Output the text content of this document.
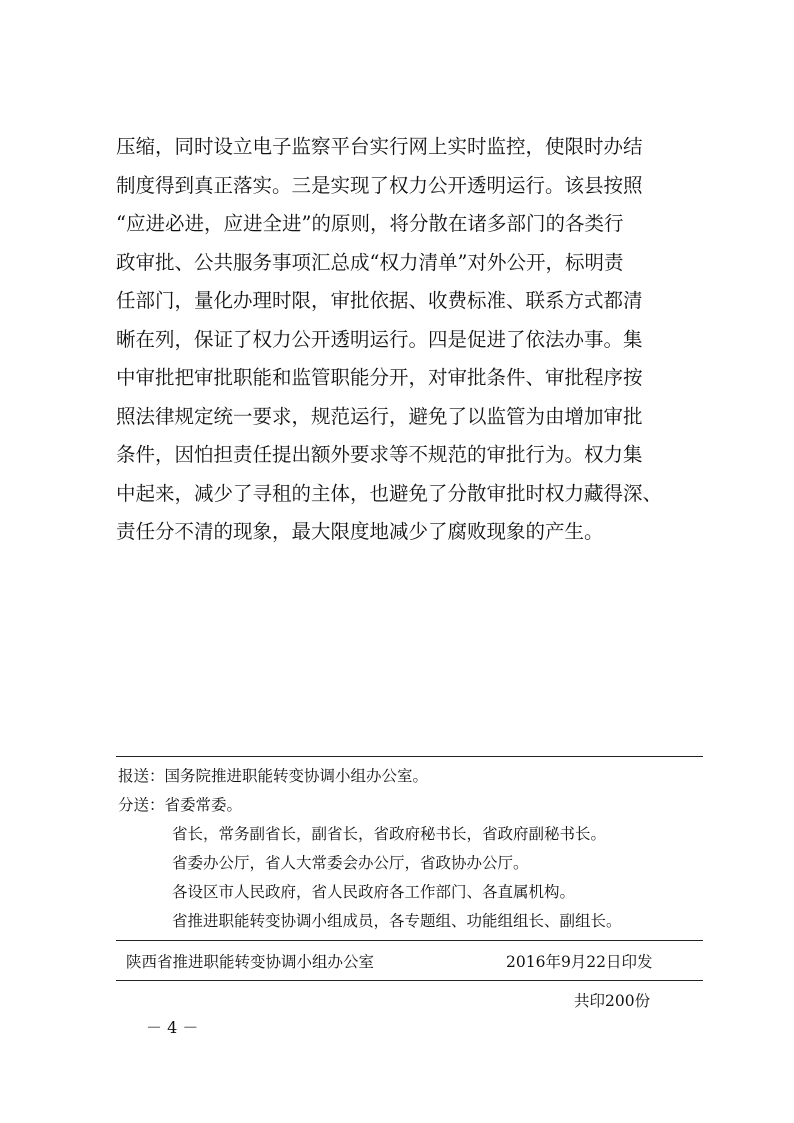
压缩，同时设立电子监察平台实行网上实时监控，使限时办结
制度得到真正落实。三是实现了权力公开透明运行。该县按照
“应进必进，应进全进”的原则，将分散在诸多部门的各类行
政审批、公共服务事项汇总成“权力清单”对外公开，标明责
任部门，量化办理时限，审批依据、收费标准、联系方式都清
晰在列，保证了权力公开透明运行。四是促进了依法办事。集
中审批把审批职能和监管职能分开，对审批条件、审批程序按
照法律规定统一要求，规范运行，避免了以监管为由增加审批
条件，因怕担责任提出额外要求等不规范的审批行为。权力集
中起来，减少了寻租的主体，也避免了分散审批时权力藏得深、
责任分不清的现象，最大限度地减少了腐败现象的产生。
报送：国务院推进职能转变协调小组办公室。
分送：省委常委。
省长，常务副省长，副省长，省政府秘书长，省政府副秘书长。
省委办公厅，省人大常委会办公厅，省政协办公厅。
各设区市人民政府，省人民政府各工作部门、各直属机构。
省推进职能转变协调小组成员，各专题组、功能组组长、副组长。
陕西省推进职能转变协调小组办公室	2016年9月22日印发
共印200份
－ 4 －
